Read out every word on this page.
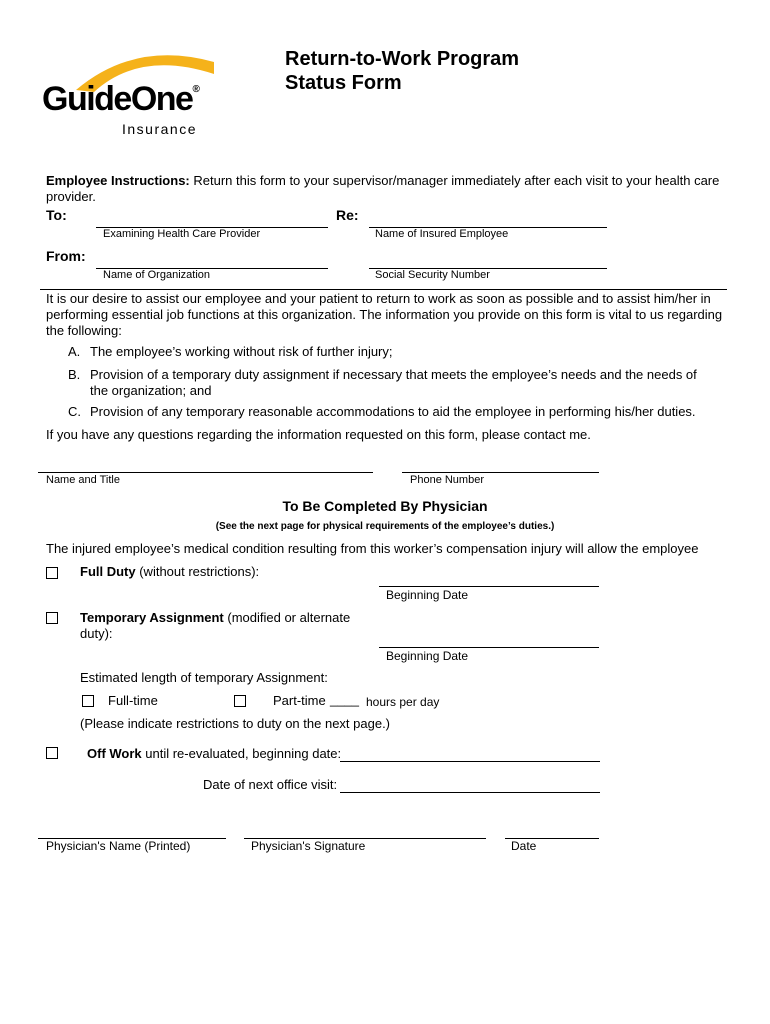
GuideOne®
Insurance
Return-to-Work Program
Status Form
Employee Instructions: Return this form to your supervisor/manager immediately after each visit to your health care provider.
To:
Examining Health Care Provider
Re:
Name of Insured Employee
From:
Name of Organization	Social Security Number
It is our desire to assist our employee and your patient to return to work as soon as possible and to assist him/her in performing essential job functions at this organization. The information you provide on this form is vital to us regarding the following:
A. The employee’s working without risk of further injury;
B. Provision of a temporary duty assignment if necessary that meets the employee’s needs and the needs of the organization; and
C. Provision of any temporary reasonable accommodations to aid the employee in performing his/her duties.
If you have any questions regarding the information requested on this form, please contact me.
Name and Title	Phone Number
To Be Completed By Physician
(See the next page for physical requirements of the employee’s duties.)
The injured employee’s medical condition resulting from this worker’s compensation injury will allow the employee
Full Duty (without restrictions):
Beginning Date
Temporary Assignment (modified or alternate duty):
Beginning Date
Estimated length of temporary Assignment:
Full-time	Part-time ____ hours per day
(Please indicate restrictions to duty on the next page.)
Off Work until re-evaluated, beginning date:
Date of next office visit:
Physician's Name (Printed)	Physician's Signature	Date
